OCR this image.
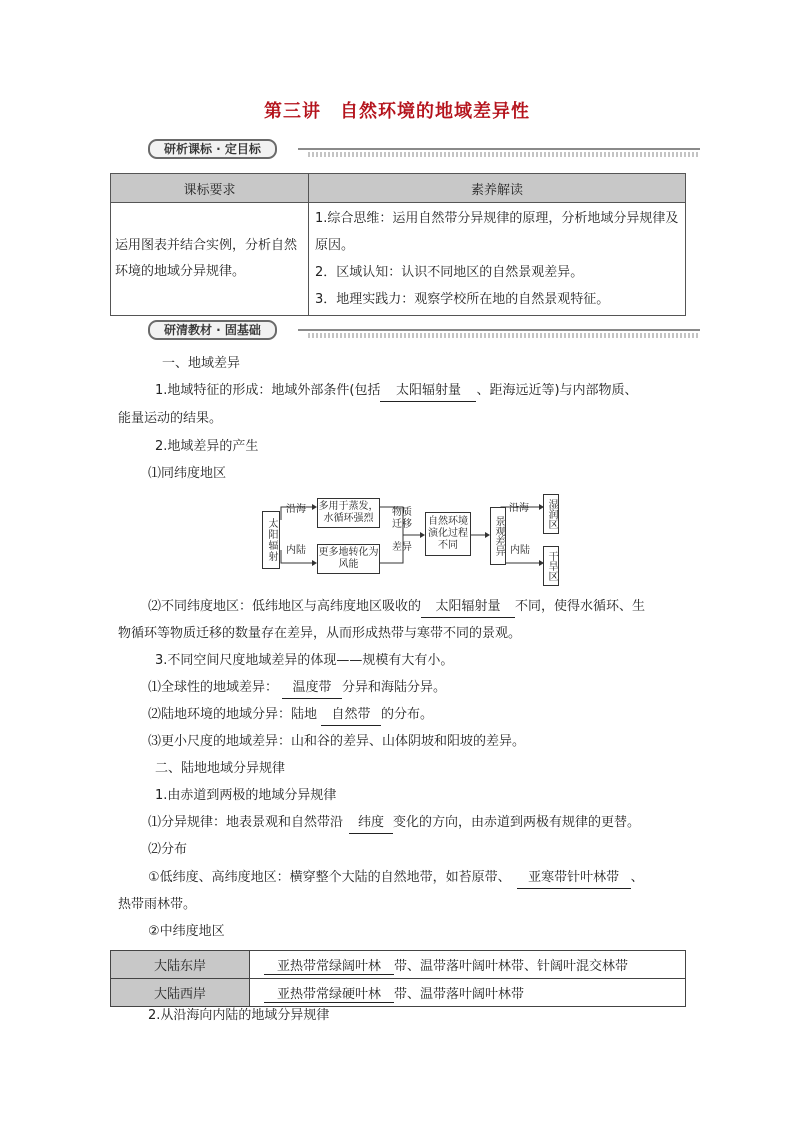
第三讲　自然环境的地域差异性
研析课标 · 定目标
课标要求	素养解读
运用图表并结合实例，分析自然环境的地域分异规律。	1.综合思维：运用自然带分异规律的原理，分析地域分异规律及原因。
2．区域认知：认识不同地区的自然景观差异。
3．地理实践力：观察学校所在地的自然景观特征。
研清教材 · 固基础
一、地域差异
1.地域特征的形成：地域外部条件(包括 太阳辐射量 、距海远近等)与内部物质、
能量运动的结果。
2.地域差异的产生
⑴同纬度地区
太阳辐射
沿海
内陆
多用于蒸发，水循环强烈
更多地转化为风能
物质迁移
差异
自然环境演化过程不同	景观差异
沿海
内陆
湿润区
干旱区
⑵不同纬度地区：低纬地区与高纬度地区吸收的 太阳辐射量 不同，使得水循环、生
物循环等物质迁移的数量存在差异，从而形成热带与寒带不同的景观。
3.不同空间尺度地域差异的体现——规模有大有小。
⑴全球性的地域差异： 温度带 分异和海陆分异。
⑵陆地环境的地域分异：陆地 自然带 的分布。
⑶更小尺度的地域差异：山和谷的差异、山体阴坡和阳坡的差异。
二、陆地地域分异规律
1.由赤道到两极的地域分异规律
⑴分异规律：地表景观和自然带沿 纬度 变化的方向，由赤道到两极有规律的更替。
⑵分布
①低纬度、高纬度地区：横穿整个大陆的自然地带，如苔原带、 亚寒带针叶林带 、
热带雨林带。
②中纬度地区
大陆东岸	亚热带常绿阔叶林 带、温带落叶阔叶林带、针阔叶混交林带
大陆西岸	亚热带常绿硬叶林 带、温带落叶阔叶林带
2.从沿海向内陆的地域分异规律
